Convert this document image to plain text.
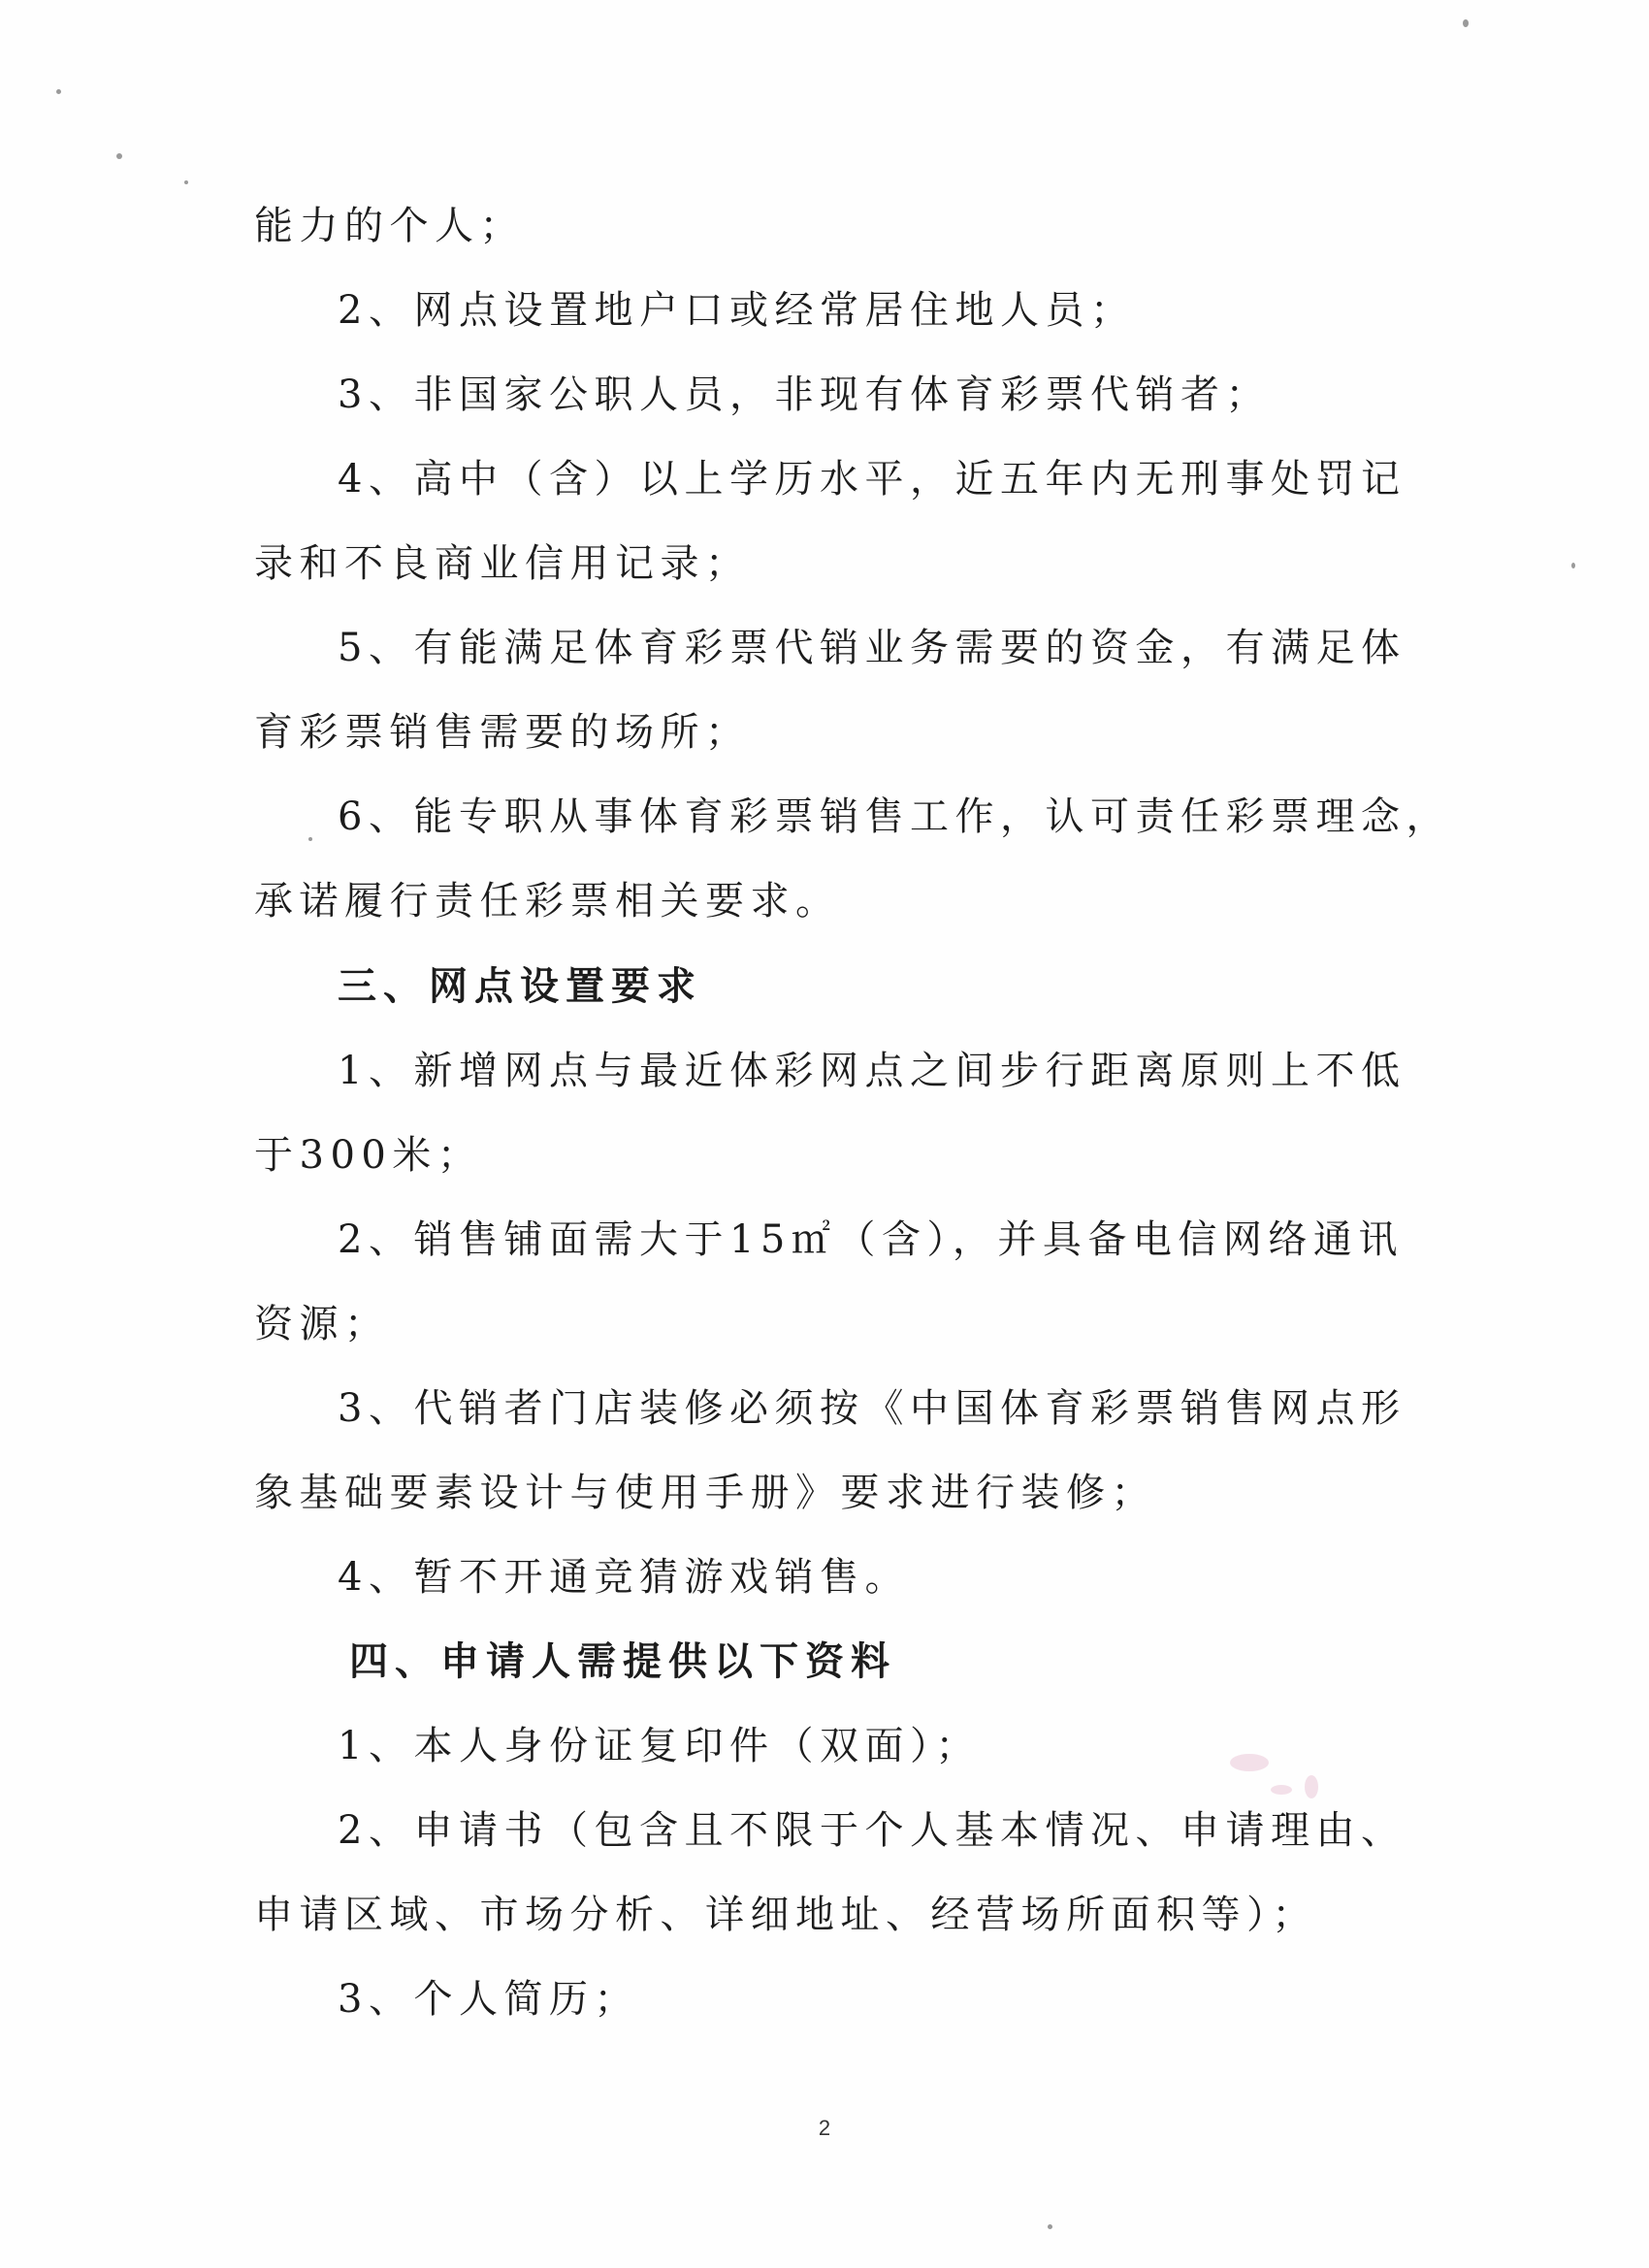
能力的个人；
2、网点设置地户口或经常居住地人员；
3、非国家公职人员，非现有体育彩票代销者；
4、高中（含）以上学历水平，近五年内无刑事处罚记
录和不良商业信用记录；
5、有能满足体育彩票代销业务需要的资金，有满足体
育彩票销售需要的场所；
6、能专职从事体育彩票销售工作，认可责任彩票理念，
承诺履行责任彩票相关要求。
三、网点设置要求
1、新增网点与最近体彩网点之间步行距离原则上不低
于300米；
2、销售铺面需大于15㎡（含），并具备电信网络通讯
资源；
3、代销者门店装修必须按《中国体育彩票销售网点形
象基础要素设计与使用手册》要求进行装修；
4、暂不开通竞猜游戏销售。
四、申请人需提供以下资料
1、本人身份证复印件（双面）；
2、申请书（包含且不限于个人基本情况、申请理由、
申请区域、市场分析、详细地址、经营场所面积等）；
3、个人简历；
2
